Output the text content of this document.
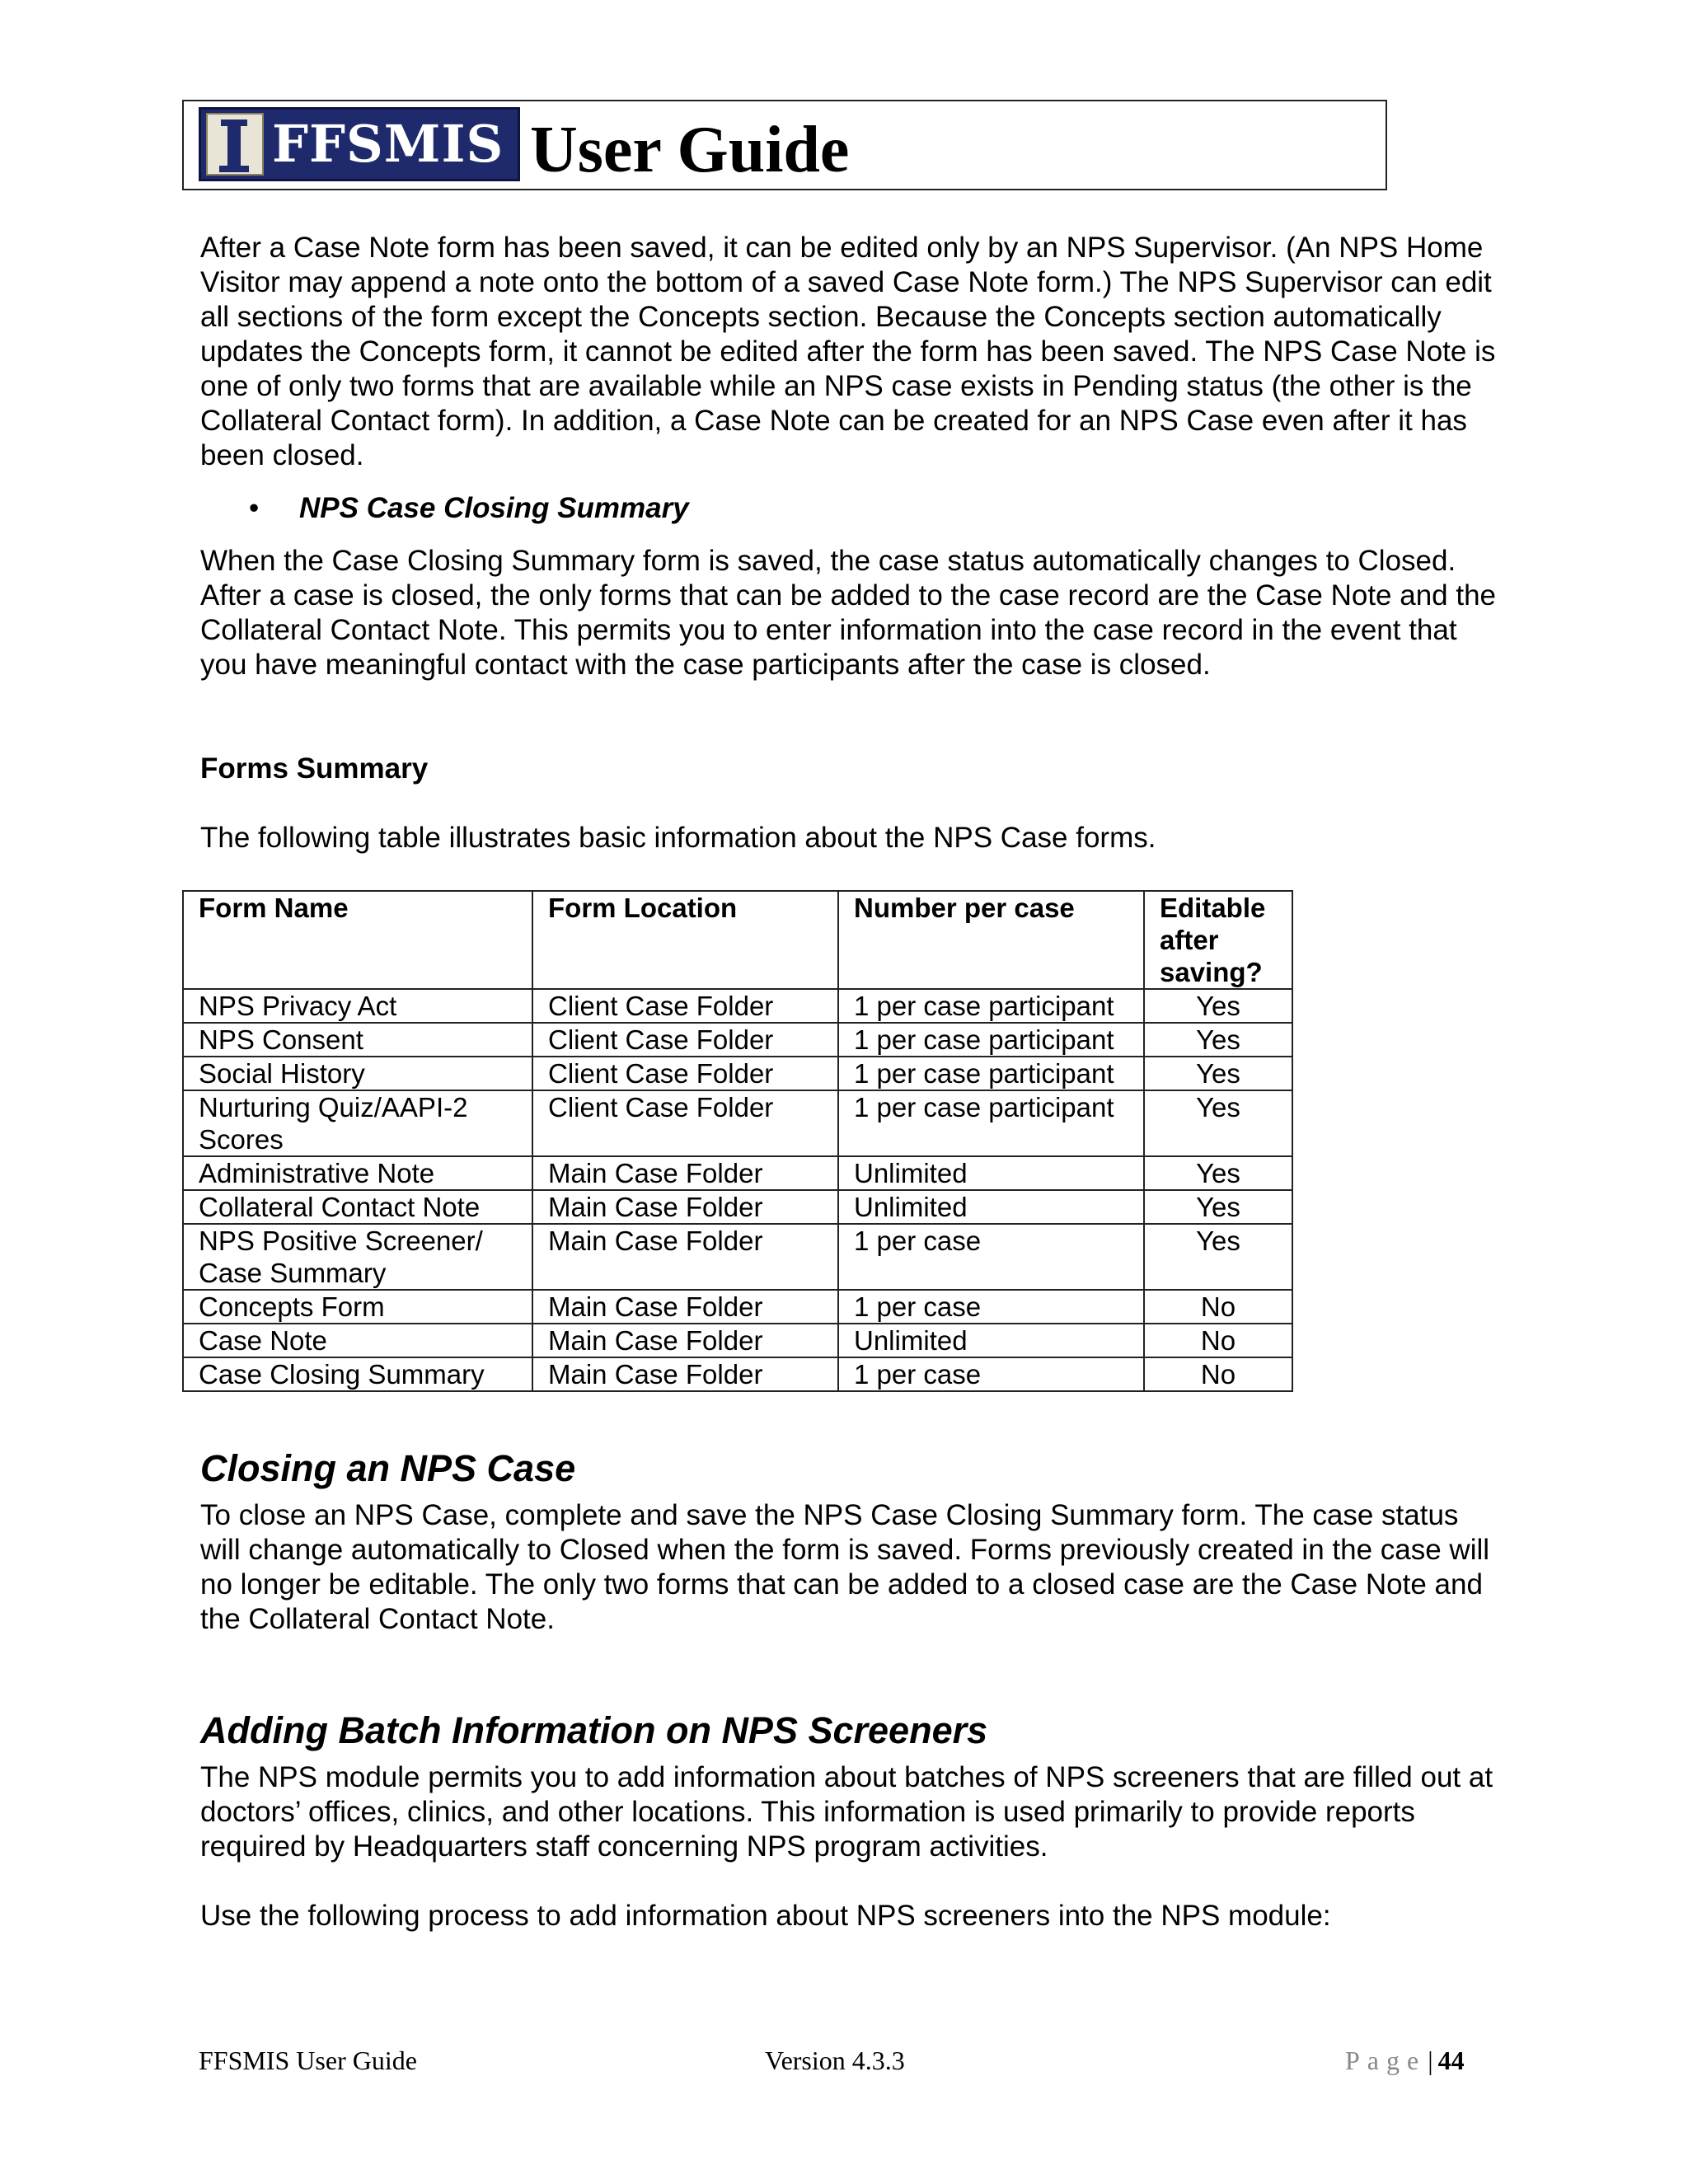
FFSMIS User Guide

After a Case Note form has been saved, it can be edited only by an NPS Supervisor. (An NPS Home Visitor may append a note onto the bottom of a saved Case Note form.) The NPS Supervisor can edit all sections of the form except the Concepts section. Because the Concepts section automatically updates the Concepts form, it cannot be edited after the form has been saved. The NPS Case Note is one of only two forms that are available while an NPS case exists in Pending status (the other is the Collateral Contact form). In addition, a Case Note can be created for an NPS Case even after it has been closed.

• NPS Case Closing Summary

When the Case Closing Summary form is saved, the case status automatically changes to Closed. After a case is closed, the only forms that can be added to the case record are the Case Note and the Collateral Contact Note. This permits you to enter information into the case record in the event that you have meaningful contact with the case participants after the case is closed.

Forms Summary
The following table illustrates basic information about the NPS Case forms.
Form Name	Form Location	Number per case	Editable after saving?
NPS Privacy Act	Client Case Folder	1 per case participant	Yes
NPS Consent	Client Case Folder	1 per case participant	Yes
Social History	Client Case Folder	1 per case participant	Yes
Nurturing Quiz/AAPI-2 Scores	Client Case Folder	1 per case participant	Yes
Administrative Note	Main Case Folder	Unlimited	Yes
Collateral Contact Note	Main Case Folder	Unlimited	Yes
NPS Positive Screener/ Case Summary	Main Case Folder	1 per case	Yes
Concepts Form	Main Case Folder	1 per case	No
Case Note	Main Case Folder	Unlimited	No
Case Closing Summary	Main Case Folder	1 per case	No
Closing an NPS Case

To close an NPS Case, complete and save the NPS Case Closing Summary form. The case status will change automatically to Closed when the form is saved. Forms previously created in the case will no longer be editable. The only two forms that can be added to a closed case are the Case Note and the Collateral Contact Note.

Adding Batch Information on NPS Screeners

The NPS module permits you to add information about batches of NPS screeners that are filled out at doctors’ offices, clinics, and other locations. This information is used primarily to provide reports required by Headquarters staff concerning NPS program activities.

Use the following process to add information about NPS screeners into the NPS module:

FFSMIS User Guide	Version 4.3.3	Page| 44
